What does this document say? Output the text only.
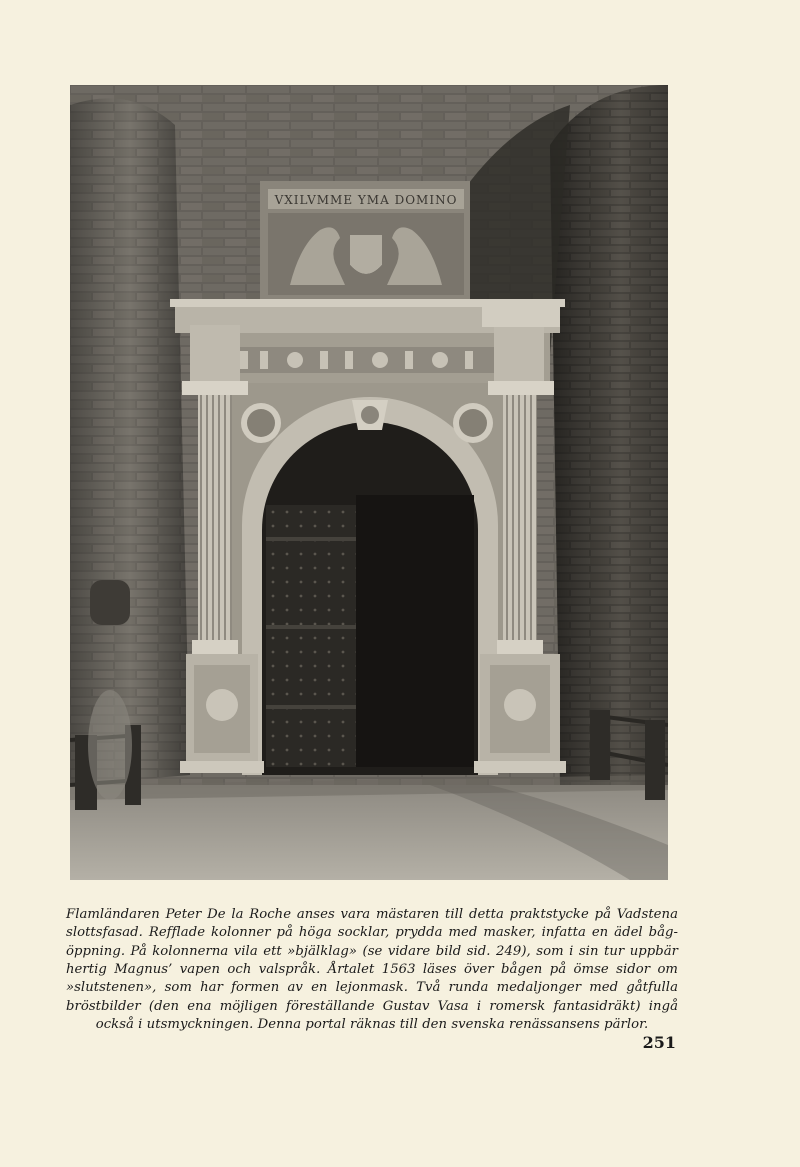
VXILVMME YMA DOMINO

Flamländaren Peter De la Roche anses vara mästaren till detta praktstycke på Vadstena slottsfasad. Refflade kolonner på höga socklar, prydda med masker, infatta en ädel bågöppning. På kolonnerna vila ett »bjälklag» (se vidare bild sid. 249), som i sin tur uppbär hertig Magnus’ vapen och valspråk. Årtalet 1563 läses över bågen på ömse sidor om »slutstenen», som har formen av en lejonmask. Två runda medaljonger med gåtfulla bröstbilder (den ena möjligen föreställande Gustav Vasa i romersk fantasidräkt) ingå också i utsmyckningen. Denna portal räknas till den svenska renässansens pärlor.

251
